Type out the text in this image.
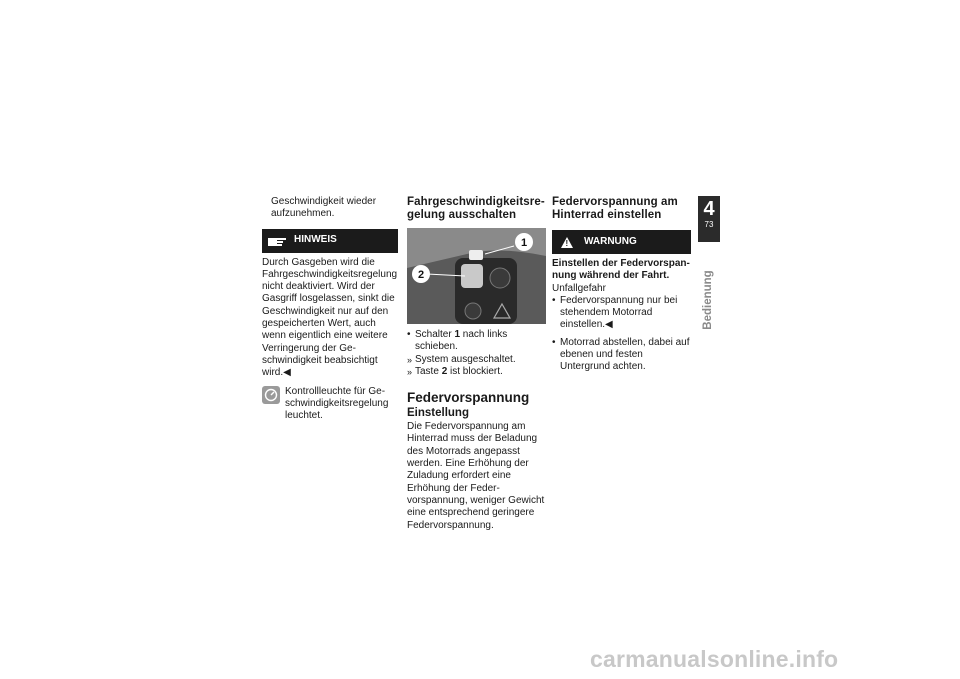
Geschwindigkeit wieder aufzunehmen.
HINWEIS
Durch Gasgeben wird die Fahrgeschwindigkeitsregelung nicht deaktiviert. Wird der Gasgriff losgelassen, sinkt die Geschwindigkeit nur auf den gespeicherten Wert, auch wenn eigentlich eine weitere Verringerung der Geschwindigkeit beabsichtigt wird.◀
Kontrollleuchte für Geschwindigkeitsregelung leuchtet.
Fahrgeschwindigkeitsregelung ausschalten
1
2
• Schalter 1 nach links schieben.
» System ausgeschaltet.
» Taste 2 ist blockiert.
Federvorspannung
Einstellung
Die Federvorspannung am Hinterrad muss der Beladung des Motorrads angepasst werden. Eine Erhöhung der Zuladung erfordert eine Erhöhung der Federvorspannung, weniger Gewicht eine entsprechend geringere Federvorspannung.
Federvorspannung am Hinterrad einstellen
!
WARNUNG
Einstellen der Federvorspannung während der Fahrt.
Unfallgefahr
• Federvorspannung nur bei stehendem Motorrad einstellen.◀
• Motorrad abstellen, dabei auf ebenen und festen Untergrund achten.
4
73
Bedienung
carmanualsonline.info
